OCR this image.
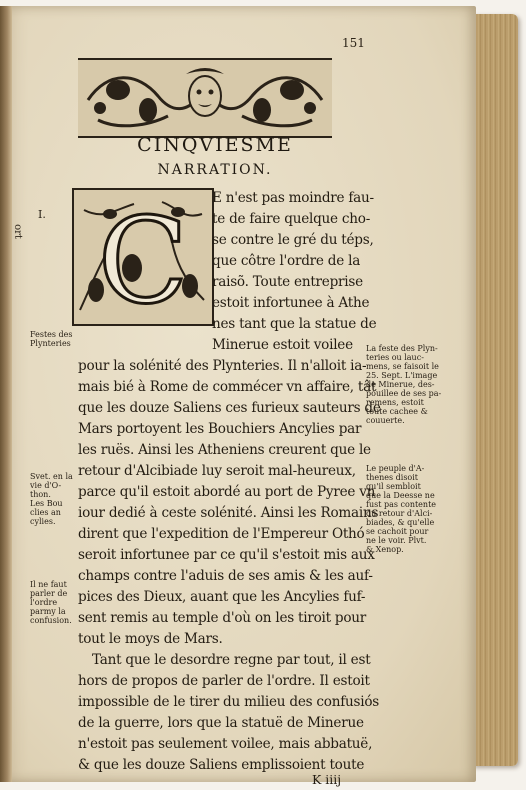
151
CINQVIESME
NARRATION.
I.
ort C E n'est pas moindre fau-
te de faire quelque cho-
se contre le gré du téps,
que côtre l'ordre de la
raisõ. Toute entreprise
estoit infortunee à Athe
nes tant que la statue de
Minerue estoit voilee
pour la solénité des Plynteries. Il n'alloit ia-
mais bié à Rome de commécer vn affaire, tât
que les douze Saliens ces furieux sauteurs de
Mars portoyent les Bouchiers Ancylies par
les ruës. Ainsi les Atheniens creurent que le
retour d'Alcibiade luy seroit mal-heureux,
parce qu'il estoit abordé au port de Pyree vn
iour dedié à ceste solénité. Ainsi les Romains
dirent que l'expedition de l'Empereur Othó
seroit infortunee par ce qu'il s'estoit mis aux
champs contre l'aduis de ses amis & les auf-
pices des Dieux, auant que les Ancylies fuf-
sent remis au temple d'où on les tiroit pour
tout le moys de Mars.
Tant que le desordre regne par tout, il est
hors de propos de parler de l'ordre. Il estoit
impossible de le tirer du milieu des confusiós
de la guerre, lors que la statuë de Minerue
n'estoit pas seulement voilee, mais abbatuë,
& que les douze Saliens emplissoient toute
Festes des
Plynteries
Svet. en la
vie d'O-
thon.
Les Bou
clies an
cylies.
Il ne faut
parler de
l'ordre
parmy la
confusion.
La feste des Plyn-
teries ou lauc-
mens, se faisoit le
25. Sept. L'image
de Minerue, des-
pouillee de ses pa-
remens, estoit
toute cachee &
couuerte.
Le peuple d'A-
thenes disoit
qu'il sembloit
que la Deesse ne
fust pas contente
du retour d'Alci-
biades, & qu'elle
se cachoit pour
ne le voir. Plvt.
& Xenop.
K iiij
